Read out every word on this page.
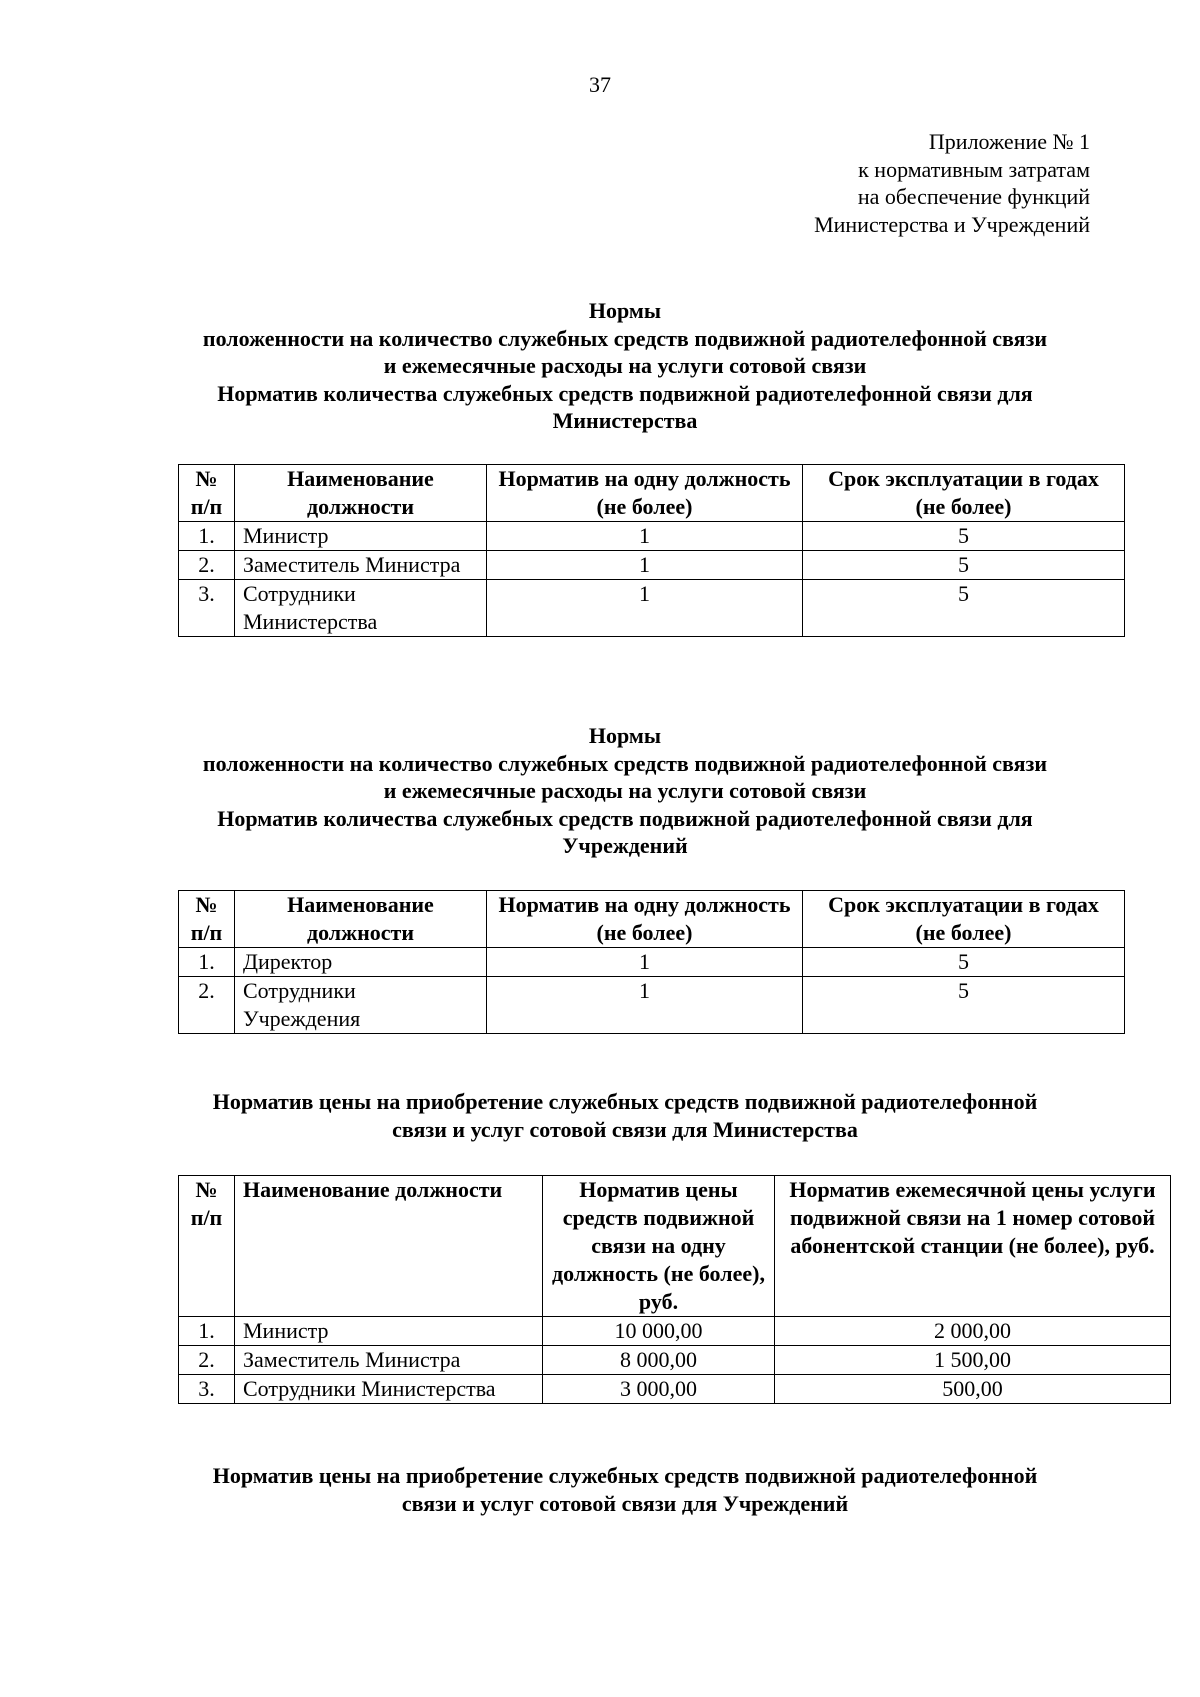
37
Приложение № 1
к нормативным затратам
на обеспечение функций
Министерства и Учреждений
Нормы
положенности на количество служебных средств подвижной радиотелефонной связи
и ежемесячные расходы на услуги сотовой связи
Норматив количества служебных средств подвижной радиотелефонной связи для
Министерства
№ п/п	Наименование должности	Норматив на одну должность (не более)	Срок эксплуатации в годах (не более)
1.	Министр	1	5
2.	Заместитель Министра	1	5
3.	Сотрудники Министерства	1	5
Нормы
положенности на количество служебных средств подвижной радиотелефонной связи
и ежемесячные расходы на услуги сотовой связи
Норматив количества служебных средств подвижной радиотелефонной связи для
Учреждений
№ п/п	Наименование должности	Норматив на одну должность (не более)	Срок эксплуатации в годах (не более)
1.	Директор	1	5
2.	Сотрудники Учреждения	1	5
Норматив цены на приобретение служебных средств подвижной радиотелефонной
связи и услуг сотовой связи для Министерства
№ п/п	Наименование должности	Норматив цены средств подвижной связи на одну должность (не более), руб.	Норматив ежемесячной цены услуги подвижной связи на 1 номер сотовой абонентской станции (не более), руб.
1.	Министр	10 000,00	2 000,00
2.	Заместитель Министра	8 000,00	1 500,00
3.	Сотрудники Министерства	3 000,00	500,00
Норматив цены на приобретение служебных средств подвижной радиотелефонной
связи и услуг сотовой связи для Учреждений
